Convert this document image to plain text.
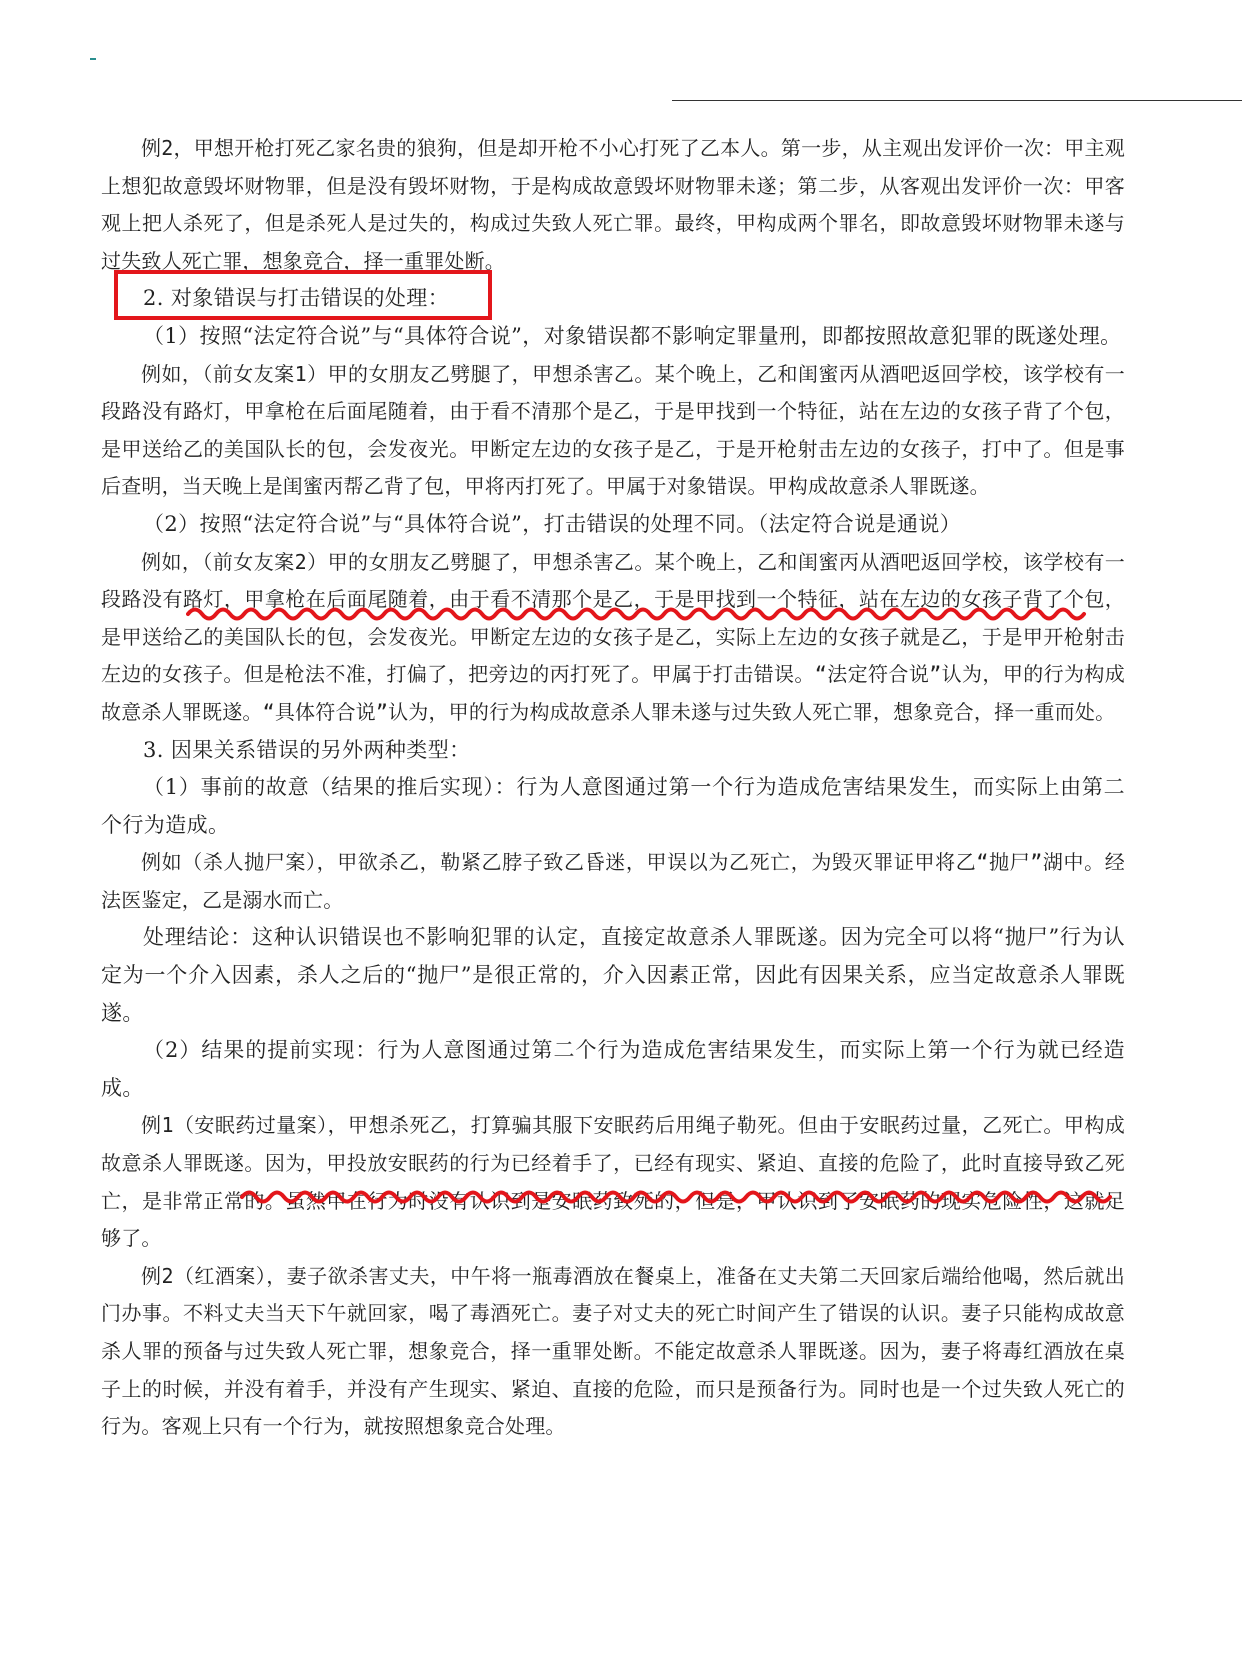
例2，甲想开枪打死乙家名贵的狼狗，但是却开枪不小心打死了乙本人。第一步，从主观出发评价一次：甲主观上想犯故意毁坏财物罪，但是没有毁坏财物，于是构成故意毁坏财物罪未遂；第二步，从客观出发评价一次：甲客观上把人杀死了，但是杀死人是过失的，构成过失致人死亡罪。最终，甲构成两个罪名，即故意毁坏财物罪未遂与过失致人死亡罪，想象竞合，择一重罪处断。

2. 对象错误与打击错误的处理：

（1）按照“法定符合说”与“具体符合说”，对象错误都不影响定罪量刑，即都按照故意犯罪的既遂处理。

例如，（前女友案1）甲的女朋友乙劈腿了，甲想杀害乙。某个晚上，乙和闺蜜丙从酒吧返回学校，该学校有一段路没有路灯，甲拿枪在后面尾随着，由于看不清那个是乙，于是甲找到一个特征，站在左边的女孩子背了个包，是甲送给乙的美国队长的包，会发夜光。甲断定左边的女孩子是乙，于是开枪射击左边的女孩子，打中了。但是事后查明，当天晚上是闺蜜丙帮乙背了包，甲将丙打死了。甲属于对象错误。甲构成故意杀人罪既遂。

（2）按照“法定符合说”与“具体符合说”，打击错误的处理不同。（法定符合说是通说）

例如，（前女友案2）甲的女朋友乙劈腿了，甲想杀害乙。某个晚上，乙和闺蜜丙从酒吧返回学校，该学校有一段路没有路灯，甲拿枪在后面尾随着，由于看不清那个是乙，于是甲找到一个特征，站在左边的女孩子背了个包，是甲送给乙的美国队长的包，会发夜光。甲断定左边的女孩子是乙，实际上左边的女孩子就是乙，于是甲开枪射击左边的女孩子。但是枪法不准，打偏了，把旁边的丙打死了。甲属于打击错误。“法定符合说”认为，甲的行为构成故意杀人罪既遂。“具体符合说”认为，甲的行为构成故意杀人罪未遂与过失致人死亡罪，想象竞合，择一重而处。

3. 因果关系错误的另外两种类型：

（1）事前的故意（结果的推后实现）：行为人意图通过第一个行为造成危害结果发生，而实际上由第二个行为造成。

例如（杀人抛尸案），甲欲杀乙，勒紧乙脖子致乙昏迷，甲误以为乙死亡，为毁灭罪证甲将乙“抛尸”湖中。经法医鉴定，乙是溺水而亡。

处理结论：这种认识错误也不影响犯罪的认定，直接定故意杀人罪既遂。因为完全可以将“抛尸”行为认定为一个介入因素，杀人之后的“抛尸”是很正常的，介入因素正常，因此有因果关系，应当定故意杀人罪既遂。

（2）结果的提前实现：行为人意图通过第二个行为造成危害结果发生，而实际上第一个行为就已经造成。

例1（安眠药过量案），甲想杀死乙，打算骗其服下安眠药后用绳子勒死。但由于安眠药过量，乙死亡。甲构成故意杀人罪既遂。因为，甲投放安眠药的行为已经着手了，已经有现实、紧迫、直接的危险了，此时直接导致乙死亡，是非常正常的。虽然甲在行为时没有认识到是安眠药致死的，但是，甲认识到了安眠药的现实危险性，这就足够了。

例2（红酒案），妻子欲杀害丈夫，中午将一瓶毒酒放在餐桌上，准备在丈夫第二天回家后端给他喝，然后就出门办事。不料丈夫当天下午就回家，喝了毒酒死亡。妻子对丈夫的死亡时间产生了错误的认识。妻子只能构成故意杀人罪的预备与过失致人死亡罪，想象竞合，择一重罪处断。不能定故意杀人罪既遂。因为，妻子将毒红酒放在桌子上的时候，并没有着手，并没有产生现实、紧迫、直接的危险，而只是预备行为。同时也是一个过失致人死亡的行为。客观上只有一个行为，就按照想象竞合处理。
